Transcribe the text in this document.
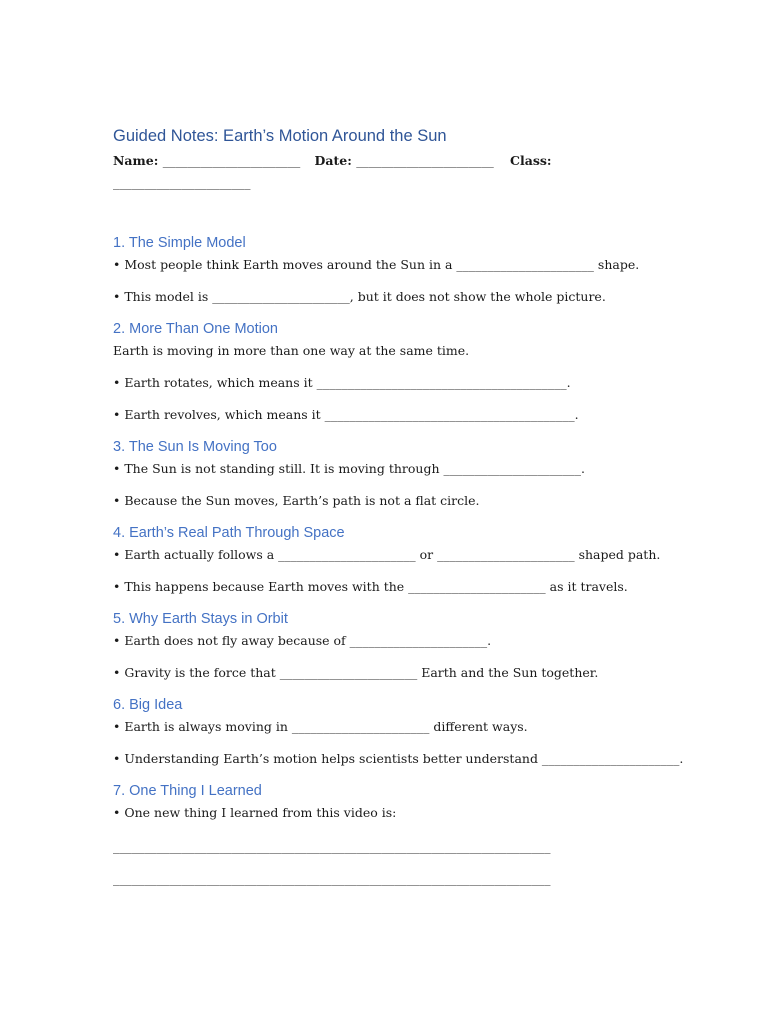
Guided Notes: Earth’s Motion Around the Sun

Name: ______________________ Date: ______________________ Class: ______________________

1. The Simple Model

• Most people think Earth moves around the Sun in a ______________________ shape.

• This model is ______________________, but it does not show the whole picture.

2. More Than One Motion

Earth is moving in more than one way at the same time.

• Earth rotates, which means it ________________________________________.

• Earth revolves, which means it ________________________________________.

3. The Sun Is Moving Too

• The Sun is not standing still. It is moving through ______________________.

• Because the Sun moves, Earth’s path is not a flat circle.

4. Earth’s Real Path Through Space

• Earth actually follows a ______________________ or ______________________ shaped path.

• This happens because Earth moves with the ______________________ as it travels.

5. Why Earth Stays in Orbit

• Earth does not fly away because of ______________________.

• Gravity is the force that ______________________ Earth and the Sun together.

6. Big Idea

• Earth is always moving in ______________________ different ways.

• Understanding Earth’s motion helps scientists better understand ______________________.

7. One Thing I Learned

• One new thing I learned from this video is:

______________________________________________________________________

______________________________________________________________________
